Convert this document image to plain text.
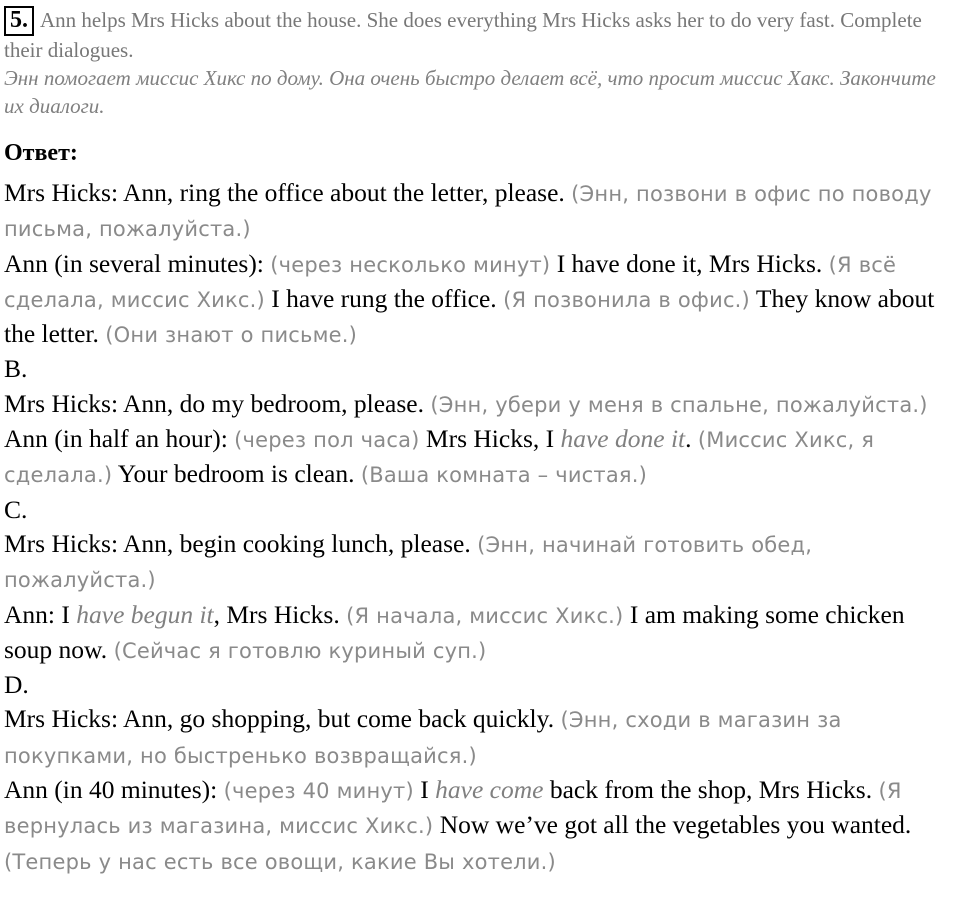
5. Ann helps Mrs Hicks about the house. She does everything Mrs Hicks asks her to do very fast. Complete their dialogues.
Энн помогает миссис Хикс по дому. Она очень быстро делает всё, что просит миссис Хакс. Закончите их диалоги.
Ответ:

Mrs Hicks: Ann, ring the office about the letter, please. (Энн, позвони в офис по поводу письма, пожалуйста.)

Ann (in several minutes): (через несколько минут) I have done it, Mrs Hicks. (Я всё сделала, миссис Хикс.) I have rung the office. (Я позвонила в офис.) They know about the letter. (Они знают о письме.)

B.

Mrs Hicks: Ann, do my bedroom, please. (Энн, убери у меня в спальне, пожалуйста.)

Ann (in half an hour): (через пол часа) Mrs Hicks, I have done it. (Миссис Хикс, я сделала.) Your bedroom is clean. (Ваша комната – чистая.)

C.

Mrs Hicks: Ann, begin cooking lunch, please. (Энн, начинай готовить обед, пожалуйста.)

Ann: I have begun it, Mrs Hicks. (Я начала, миссис Хикс.) I am making some chicken soup now. (Сейчас я готовлю куриный суп.)

D.

Mrs Hicks: Ann, go shopping, but come back quickly. (Энн, сходи в магазин за покупками, но быстренько возвращайся.)

Ann (in 40 minutes): (через 40 минут) I have come back from the shop, Mrs Hicks. (Я вернулась из магазина, миссис Хикс.) Now we’ve got all the vegetables you wanted. (Теперь у нас есть все овощи, какие Вы хотели.)
